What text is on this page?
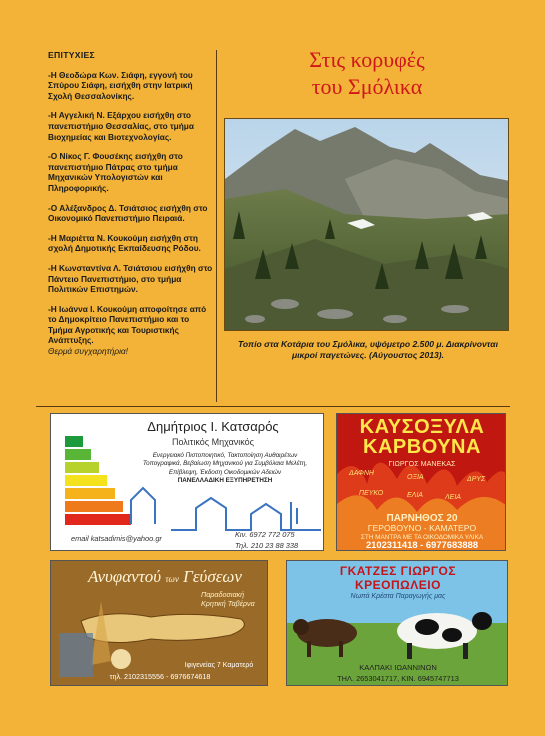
ΕΠΙΤΥΧΙΕΣ

-Η Θεοδώρα Κων. Σιάφη, εγγονή του Σπύρου Σιάφη, εισήχθη στην Ιατρική Σχολή Θεσσαλονίκης.

-Η Αγγελική Ν. Εξάρχου εισήχθη στο πανεπιστήμιο Θεσσαλίας, στο τμήμα Βιοχημείας και Βιοτεχνολογίας.

-Ο Νίκος Γ. Φουσέκης εισήχθη στο πανεπιστήμιο Πάτρας στο τμήμα Μηχανικών Υπολογιστών και Πληροφορικής.

-Ο Αλέξανδρος Δ. Τσιάτσιος εισήχθη στο Οικονομικό Πανεπιστήμιο Πειραιά.

-Η Μαριέττα Ν. Κουκούμη εισήχθη στη σχολή Δημοτικής Εκπαίδευσης Ρόδου.

-Η Κωνσταντίνα Λ. Τσιάτσιου εισήχθη στο Πάντειο Πανεπιστήμιο, στο τμήμα Πολιτικών Επιστημών.

-Η Ιωάννα Ι. Κουκούμη αποφοίτησε από το Δημοκρίτειο Πανεπιστήμιο και το Τμήμα Αγροτικής και Τουριστικής Ανάπτυξης.

Θερμά συγχαρητήρια!

Στις κορυφές
του Σμόλικα
Τοπίο στα Κοτάρια του Σμόλικα, υψόμετρο 2.500 μ. Διακρίνονται μικροί παγετώνες. (Αύγουστος 2013).
Δημήτριος Ι. Κατσαρός
Πολιτικός Μηχανικός
Ενεργειακό Πιστοποιητικό, Τακτοποίηση Αυθαιρέτων Τοπογραφικά, Βεβαίωση Μηχανικού για Συμβόλαια Μελέτη, Επίβλεψη, Έκδοση Οικοδομικών Αδειών
ΠΑΝΕΛΛΑΔΙΚΗ ΕΞΥΠΗΡΕΤΗΣΗ
email katsadimis@yahoo.gr	Κιν. 6972 772 075
Τηλ. 210 23 88 338
ΚΑΥΣΟΞΥΛΑ
ΚΑΡΒΟΥΝΑ
ΓΙΩΡΓΟΣ ΜΑΝΕΚΑΣ
ΔΑΦΝΗ
ΟΞΙΑ	ΔΡΥΣ
ΠΕΥΚΟ	ΕΛΙΑ	ΛΕΙΑ
ΠΑΡΝΗΘΟΣ 20
ΓΕΡΟΒΟΥΝΟ - ΚΑΜΑΤΕΡΟ
ΣΤΗ ΜΑΝΤΡΑ ΜΕ ΤΑ ΟΙΚΟΔΟΜΙΚΑ ΥΛΙΚΑ
2102311418 - 6977683888
Ανυφαντού των Γεύσεων
Παραδοσιακή
Κρητική Ταβέρνα
Ιφιγενείας 7 Καματερό
τηλ. 2102315556 - 6976674618
ΓΚΑΤΖΕΣ ΓΙΩΡΓΟΣ
ΚΡΕΟΠΩΛΕΙΟ
Νωπά Κρέατα Παραγωγής μας
ΚΑΛΠΑΚΙ ΙΩΑΝΝΙΝΩΝ
ΤΗΛ. 2653041717, ΚΙΝ. 6945747713
